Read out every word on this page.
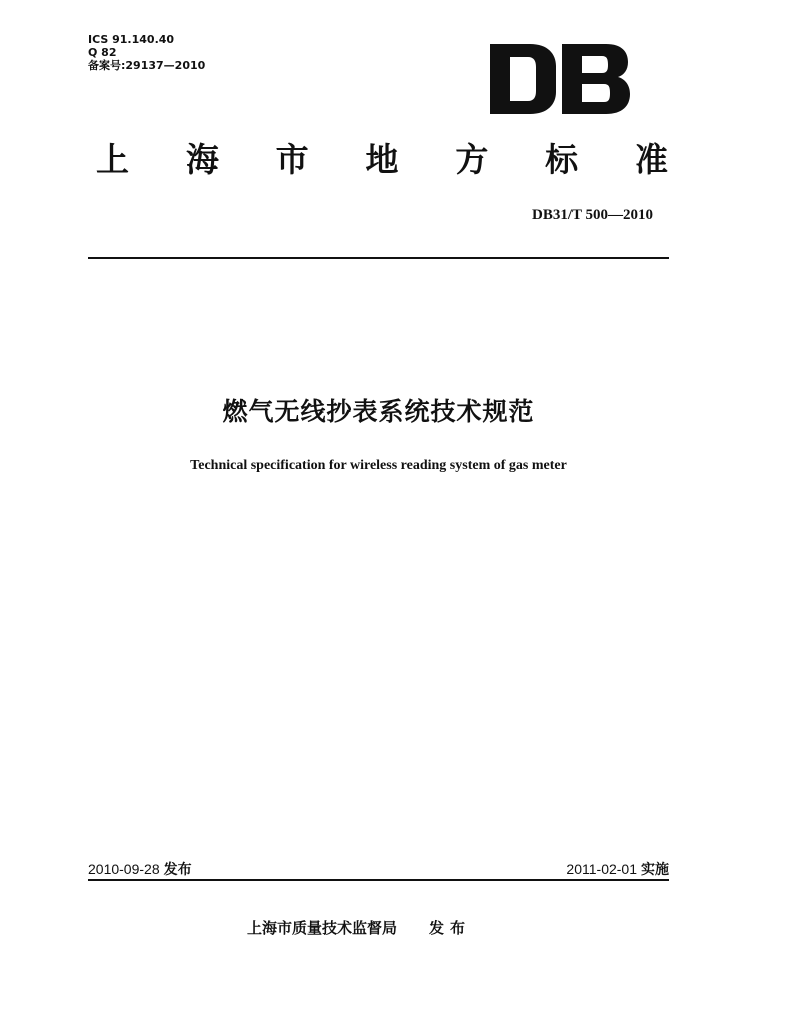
ICS 91.140.40
Q 82
备案号:29137—2010
上 海 市 地 方 标 准
DB31/T 500—2010
燃气无线抄表系统技术规范
Technical specification for wireless reading system of gas meter
2010-09-28 发布	2011-02-01 实施
上海市质量技术监督局 发布
